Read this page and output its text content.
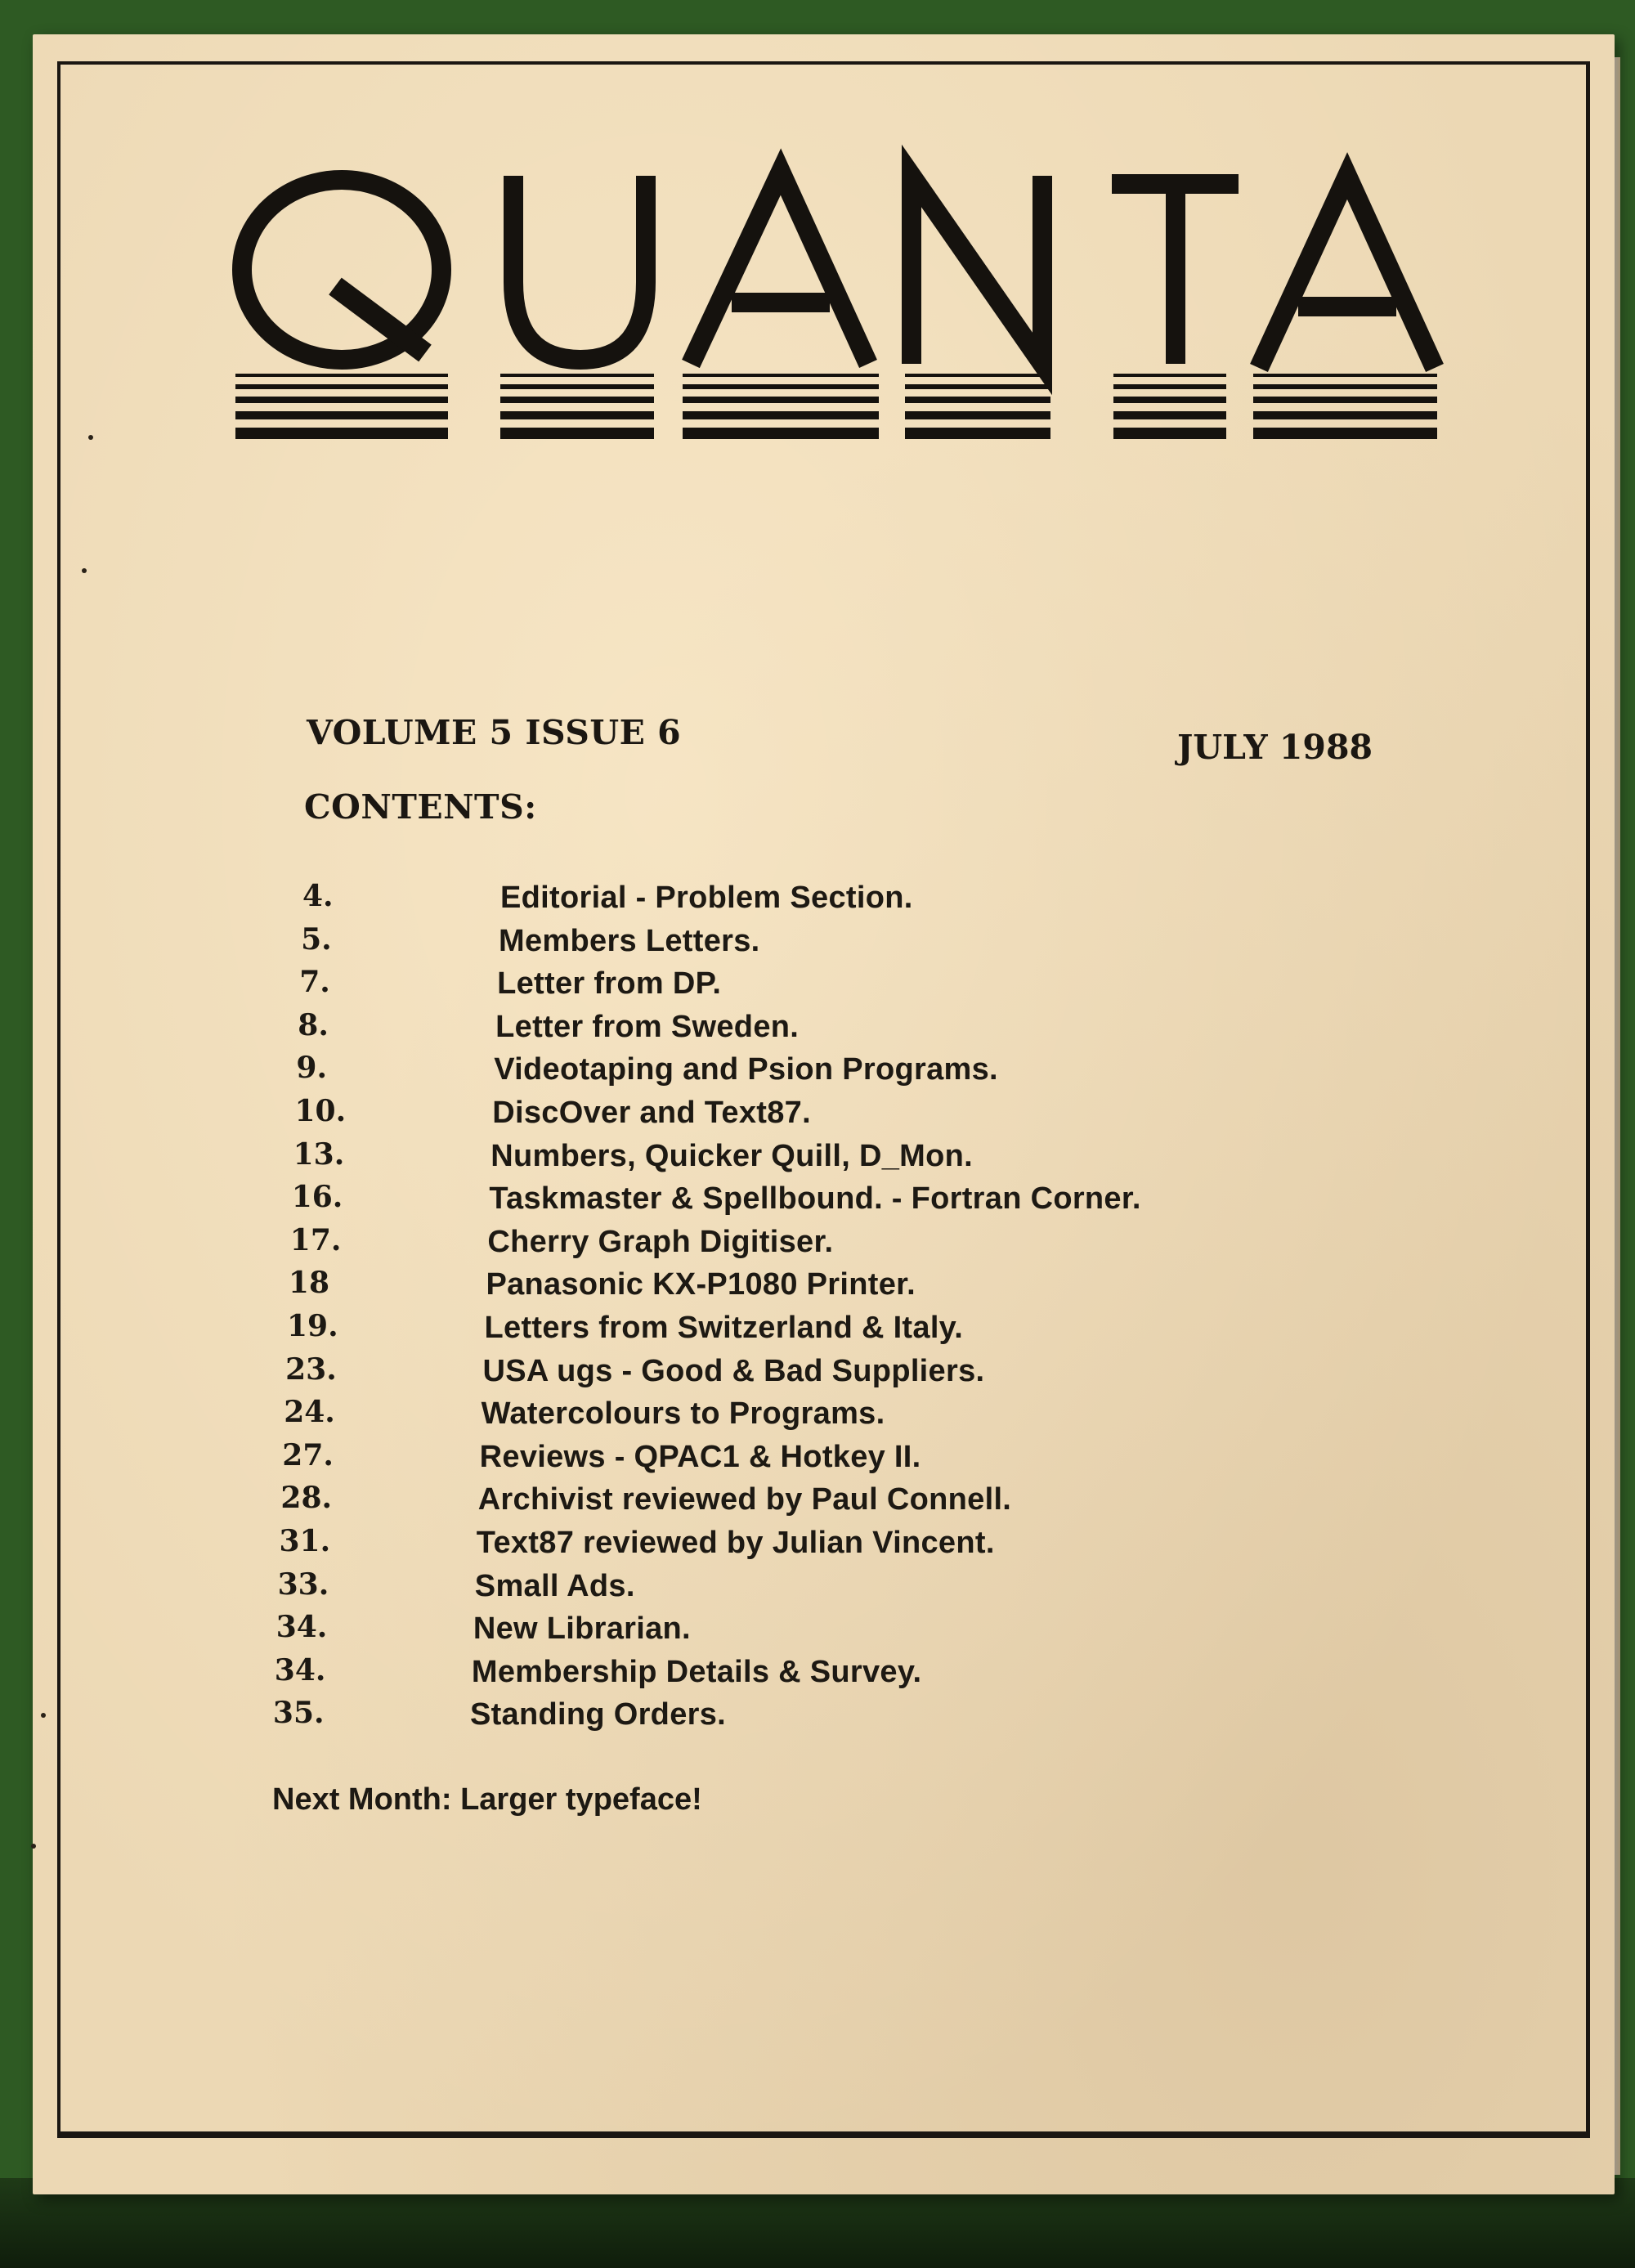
VOLUME 5 ISSUE 6	JULY 1988
CONTENTS:
4.	Editorial - Problem Section.
5.	Members Letters.
7.	Letter from DP.
8.	Letter from Sweden.
9.	Videotaping and Psion Programs.
10.	DiscOver and Text87.
13.	Numbers, Quicker Quill, D_Mon.
16.	Taskmaster & Spellbound. - Fortran Corner.
17.	Cherry Graph Digitiser.
18	Panasonic KX-P1080 Printer.
19.	Letters from Switzerland & Italy.
23.	USA ugs - Good & Bad Suppliers.
24.	Watercolours to Programs.
27.	Reviews - QPAC1 & Hotkey II.
28.	Archivist reviewed by Paul Connell.
31.	Text87 reviewed by Julian Vincent.
33.	Small Ads.
34.	New Librarian.
34.	Membership Details & Survey.
35.	Standing Orders.
Next Month: Larger typeface!
